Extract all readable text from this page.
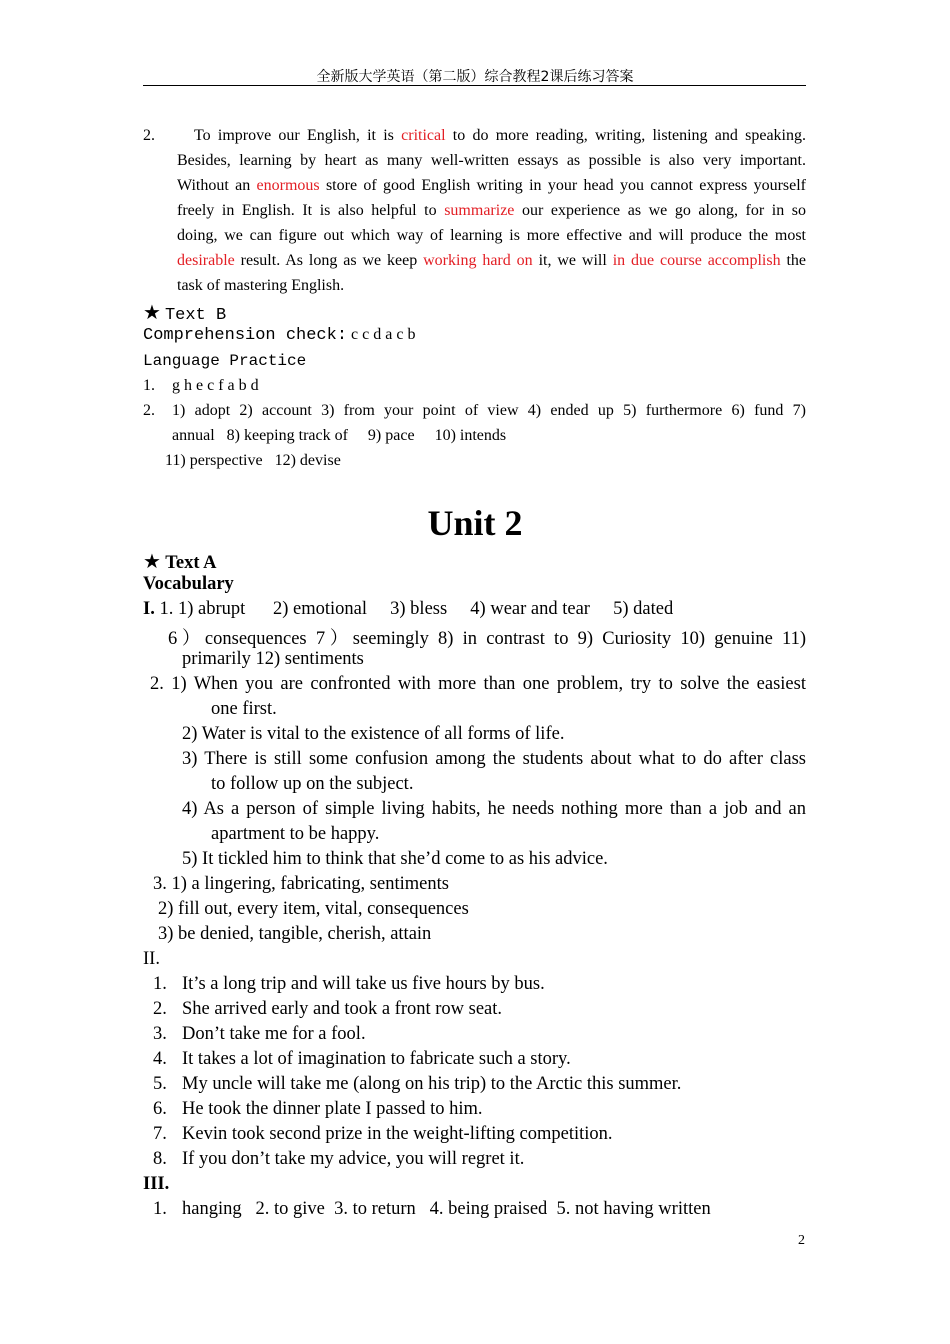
全新版大学英语（第二版）综合教程2课后练习答案
2. To improve our English, it is critical to do more reading, writing, listening and speaking.
Besides, learning by heart as many well-written essays as possible is also very important.
Without an enormous store of good English writing in your head you cannot express yourself
freely in English. It is also helpful to summarize our experience as we go along, for in so
doing, we can figure out which way of learning is more effective and will produce the most
desirable result. As long as we keep working hard on it, we will in due course accomplish the
task of mastering English.
★ Text B
Comprehension check: c c d a c b
Language Practice
1. g h e c f a b d
2. 1) adopt 2) account 3) from your point of view 4) ended up 5) furthermore 6) fund 7)
annual   8) keeping track of     9) pace     10) intends
11) perspective   12) devise
Unit 2
★ Text A
Vocabulary
I. 1. 1) abrupt      2) emotional     3) bless     4) wear and tear     5) dated
6）consequences 7）seemingly 8) in contrast to 9) Curiosity 10) genuine 11)
primarily 12) sentiments
2. 1) When you are confronted with more than one problem, try to solve the easiest
one first.
2) Water is vital to the existence of all forms of life.
3) There is still some confusion among the students about what to do after class
to follow up on the subject.
4) As a person of simple living habits, he needs nothing more than a job and an
apartment to be happy.
5) It tickled him to think that she’d come to as his advice.
3. 1) a lingering, fabricating, sentiments
2) fill out, every item, vital, consequences
3) be denied, tangible, cherish, attain
II.
1. It’s a long trip and will take us five hours by bus.
2. She arrived early and took a front row seat.
3. Don’t take me for a fool.
4. It takes a lot of imagination to fabricate such a story.
5. My uncle will take me (along on his trip) to the Arctic this summer.
6. He took the dinner plate I passed to him.
7. Kevin took second prize in the weight-lifting competition.
8. If you don’t take my advice, you will regret it.
III.
1. hanging   2. to give  3. to return   4. being praised  5. not having written
2
